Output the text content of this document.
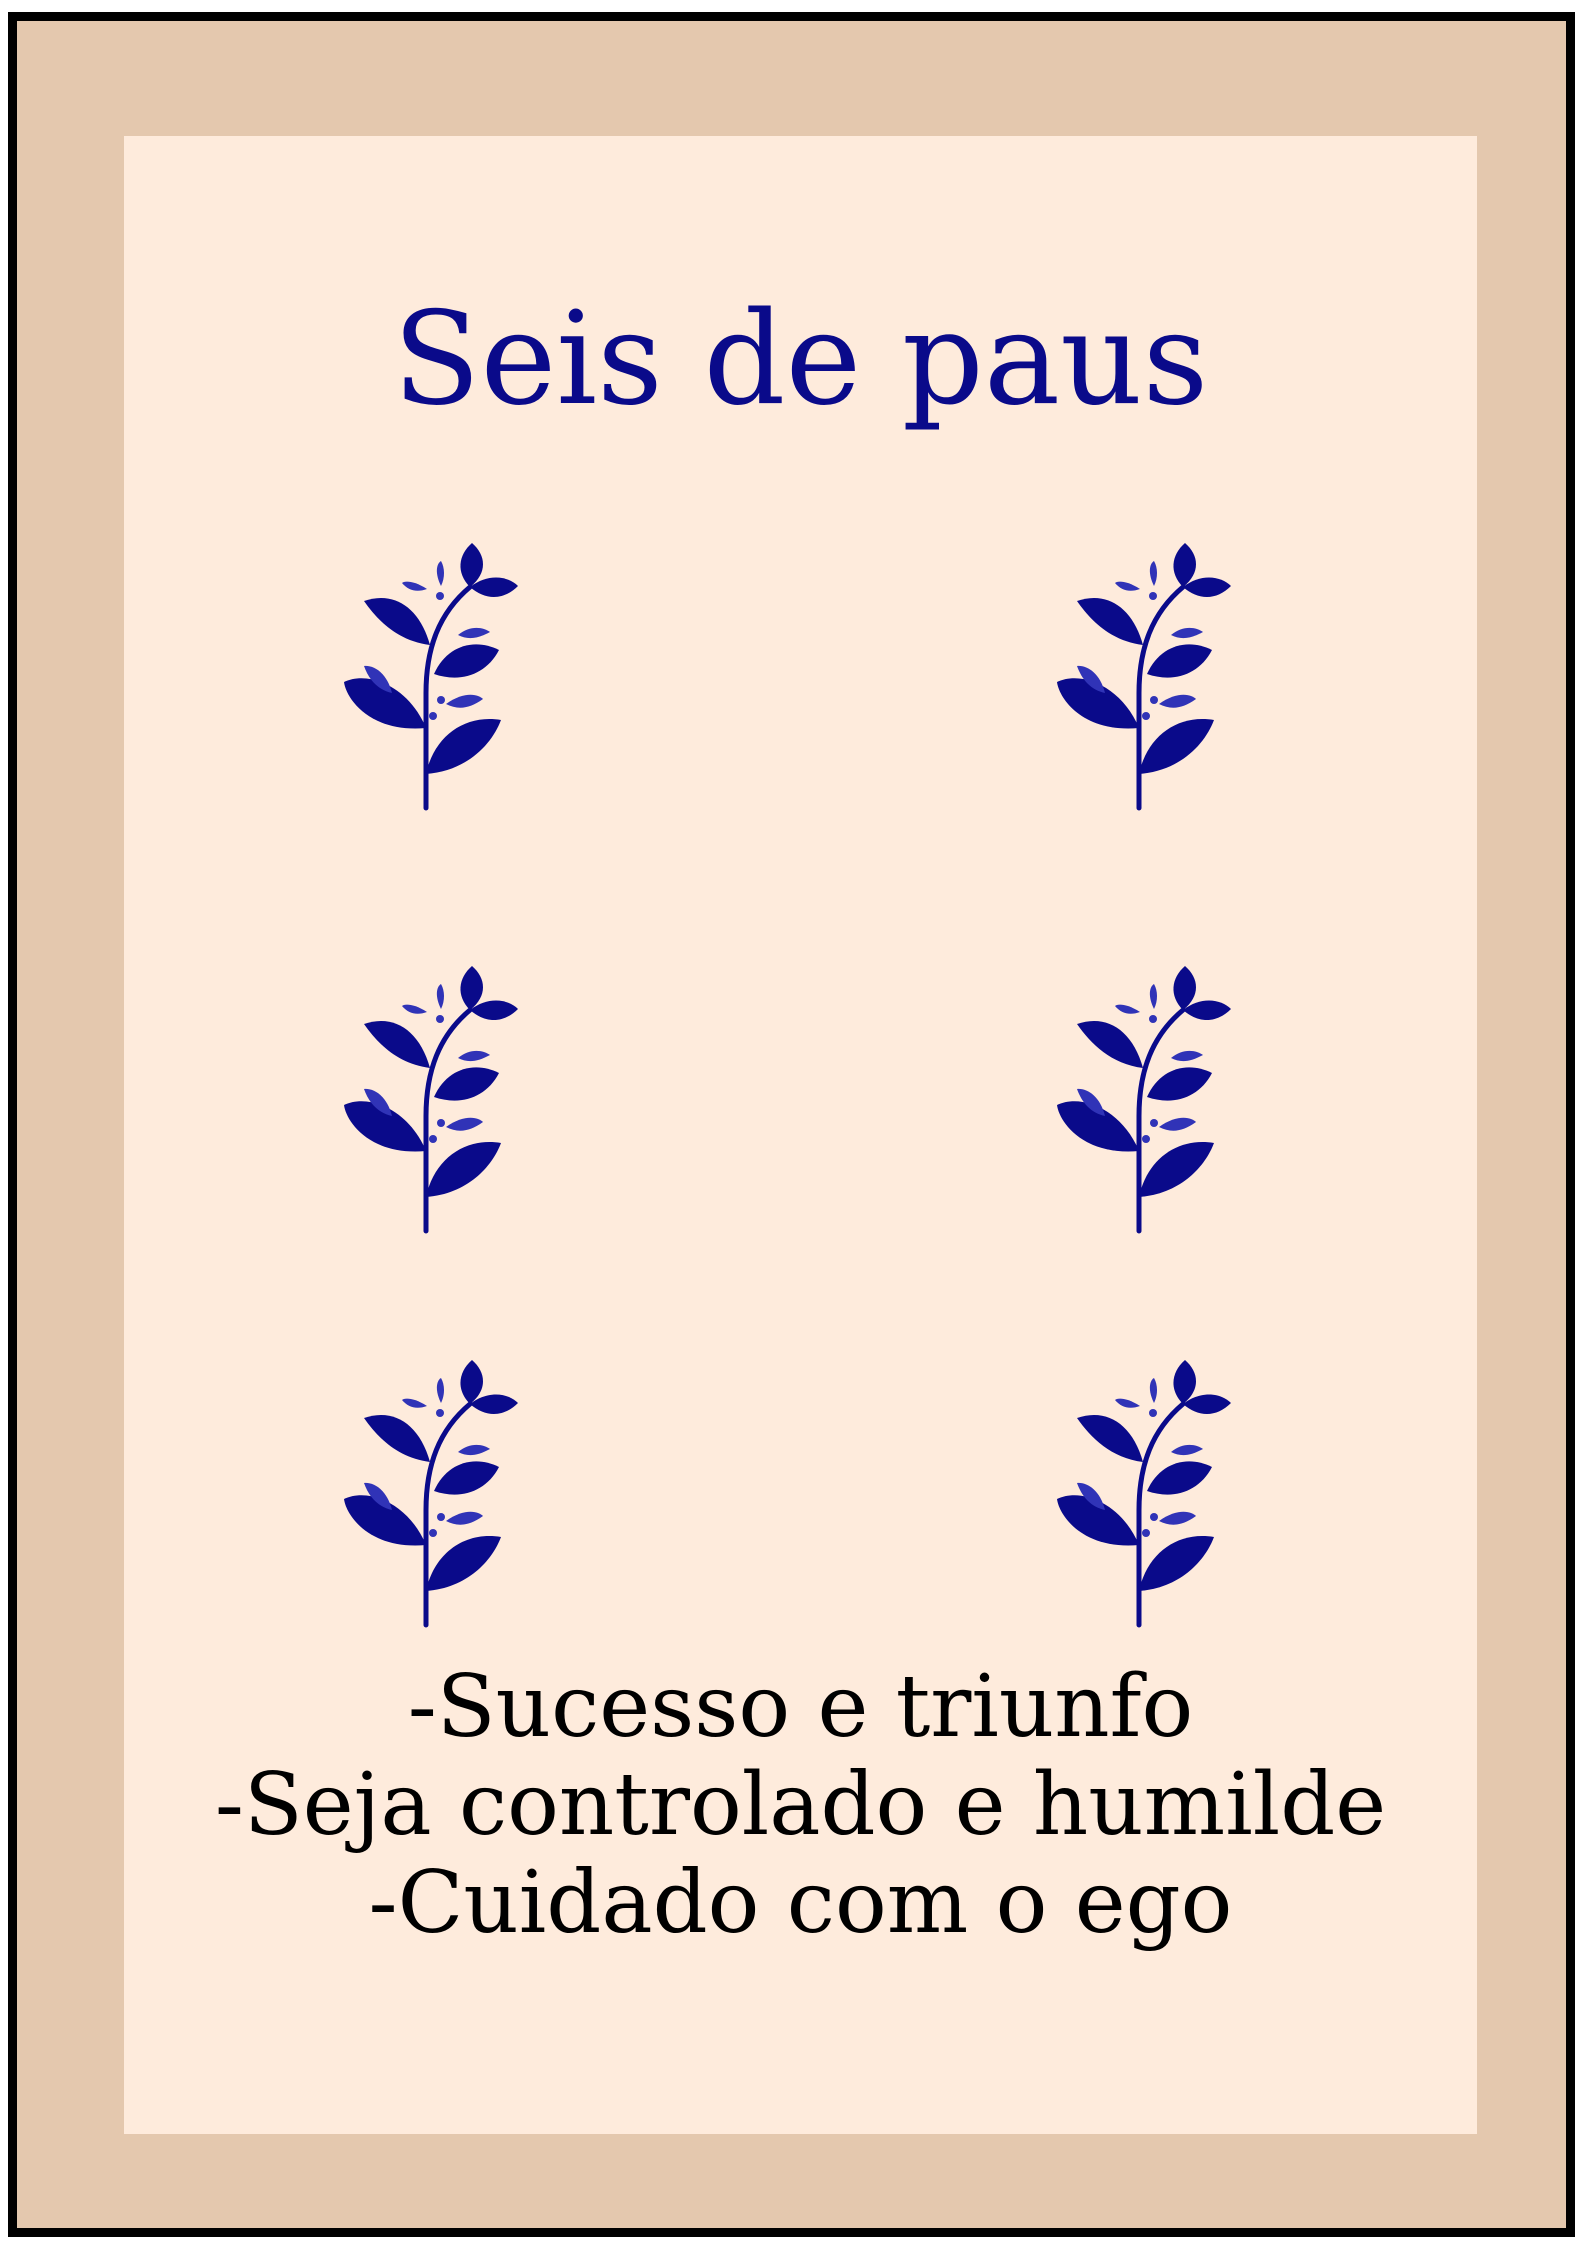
Seis de paus
-Sucesso e triunfo
-Seja controlado e humilde
-Cuidado com o ego
